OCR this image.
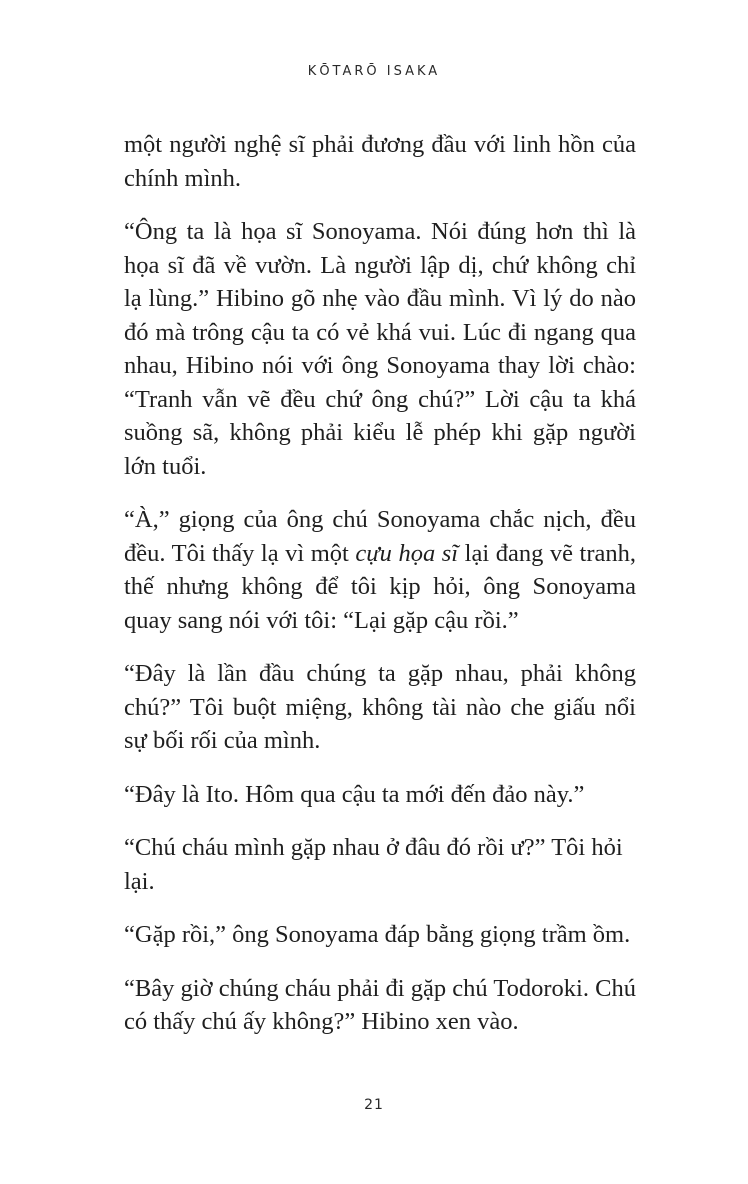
KŌTARŌ ISAKA

một người nghệ sĩ phải đương đầu với linh hồn của chính mình.

“Ông ta là họa sĩ Sonoyama. Nói đúng hơn thì là họa sĩ đã về vườn. Là người lập dị, chứ không chỉ lạ lùng.” Hibino gõ nhẹ vào đầu mình. Vì lý do nào đó mà trông cậu ta có vẻ khá vui. Lúc đi ngang qua nhau, Hibino nói với ông Sonoyama thay lời chào: “Tranh vẫn vẽ đều chứ ông chú?” Lời cậu ta khá suồng sã, không phải kiểu lễ phép khi gặp người lớn tuổi.

“À,” giọng của ông chú Sonoyama chắc nịch, đều đều. Tôi thấy lạ vì một cựu họa sĩ lại đang vẽ tranh, thế nhưng không để tôi kịp hỏi, ông Sonoyama quay sang nói với tôi: “Lại gặp cậu rồi.”

“Đây là lần đầu chúng ta gặp nhau, phải không chú?” Tôi buột miệng, không tài nào che giấu nổi sự bối rối của mình.

“Đây là Ito. Hôm qua cậu ta mới đến đảo này.”

“Chú cháu mình gặp nhau ở đâu đó rồi ư?” Tôi hỏi lại.

“Gặp rồi,” ông Sonoyama đáp bằng giọng trầm ồm.

“Bây giờ chúng cháu phải đi gặp chú Todoroki. Chú có thấy chú ấy không?” Hibino xen vào.

21
